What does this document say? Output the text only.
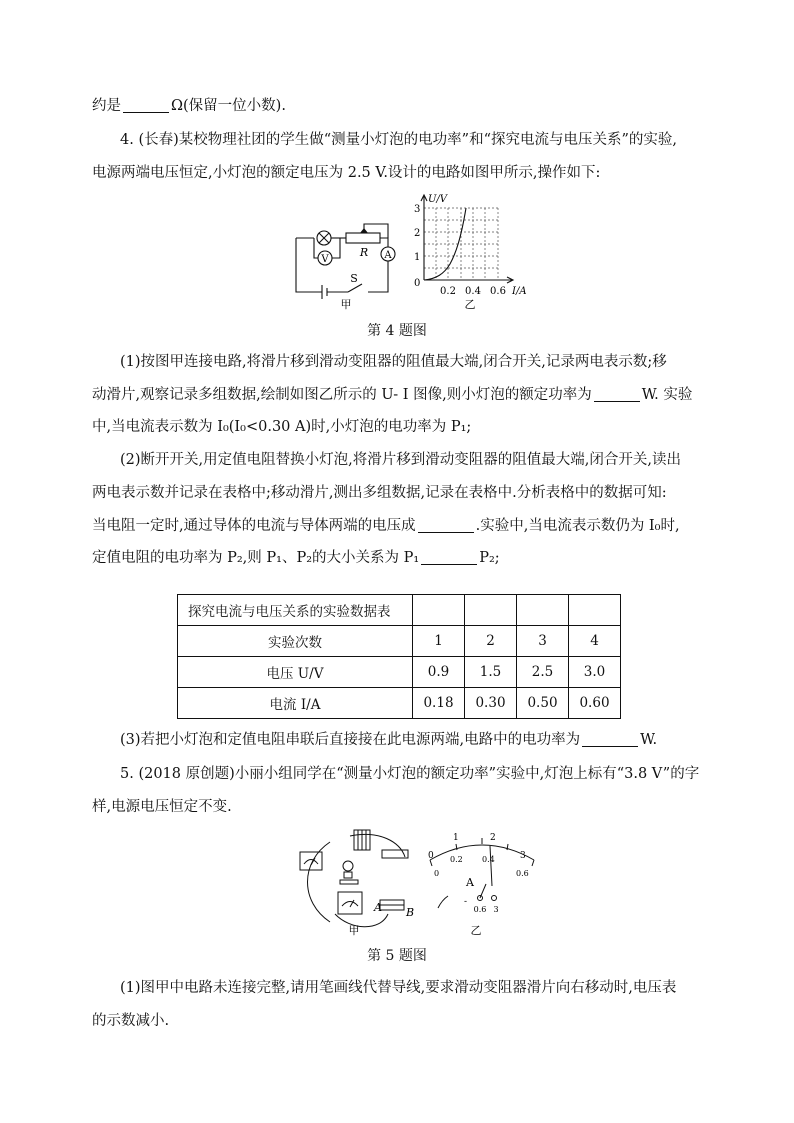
约是	Ω(保留一位小数).
4. (长春)某校物理社团的学生做“测量小灯泡的电功率”和“探究电流与电压关系”的实验,
电源两端电压恒定,小灯泡的额定电压为 2.5 V.设计的电路如图甲所示,操作如下:
R
V	A
S
甲
U/V
I/A
0
1
2
3
0.2 0.4 0.6
乙
第 4 题图
(1)按图甲连接电路,将滑片移到滑动变阻器的阻值最大端,闭合开关,记录两电表示数;移
动滑片,观察记录多组数据,绘制如图乙所示的 U- I 图像,则小灯泡的额定功率为	W. 实验
中,当电流表示数为 I₀(I₀<0.30 A)时,小灯泡的电功率为 P₁;
(2)断开开关,用定值电阻替换小灯泡,将滑片移到滑动变阻器的阻值最大端,闭合开关,读出
两电表示数并记录在表格中;移动滑片,测出多组数据,记录在表格中.分析表格中的数据可知:
当电阻一定时,通过导体的电流与导体两端的电压成	.实验中,当电流表示数仍为 I₀时,
定值电阻的电功率为 P₂,则 P₁、P₂的大小关系为 P₁	P₂;
探究电流与电压关系的实验数据表				
实验次数	1	2	3	4
电压 U/V	0.9	1.5	2.5	3.0
电流 I/A	0.18	0.30	0.50	0.60
(3)若把小灯泡和定值电阻串联后直接接在此电源两端,电路中的电功率为	W.
5. (2018 原创题)小丽小组同学在“测量小灯泡的额定功率”实验中,灯泡上标有“3.8 V”的字
样,电源电压恒定不变.
A B
甲
0
1	2
3
0
0.2 0.4
0.6
A
-
0.6 3
乙
第 5 题图
(1)图甲中电路未连接完整,请用笔画线代替导线,要求滑动变阻器滑片向右移动时,电压表
的示数减小.
